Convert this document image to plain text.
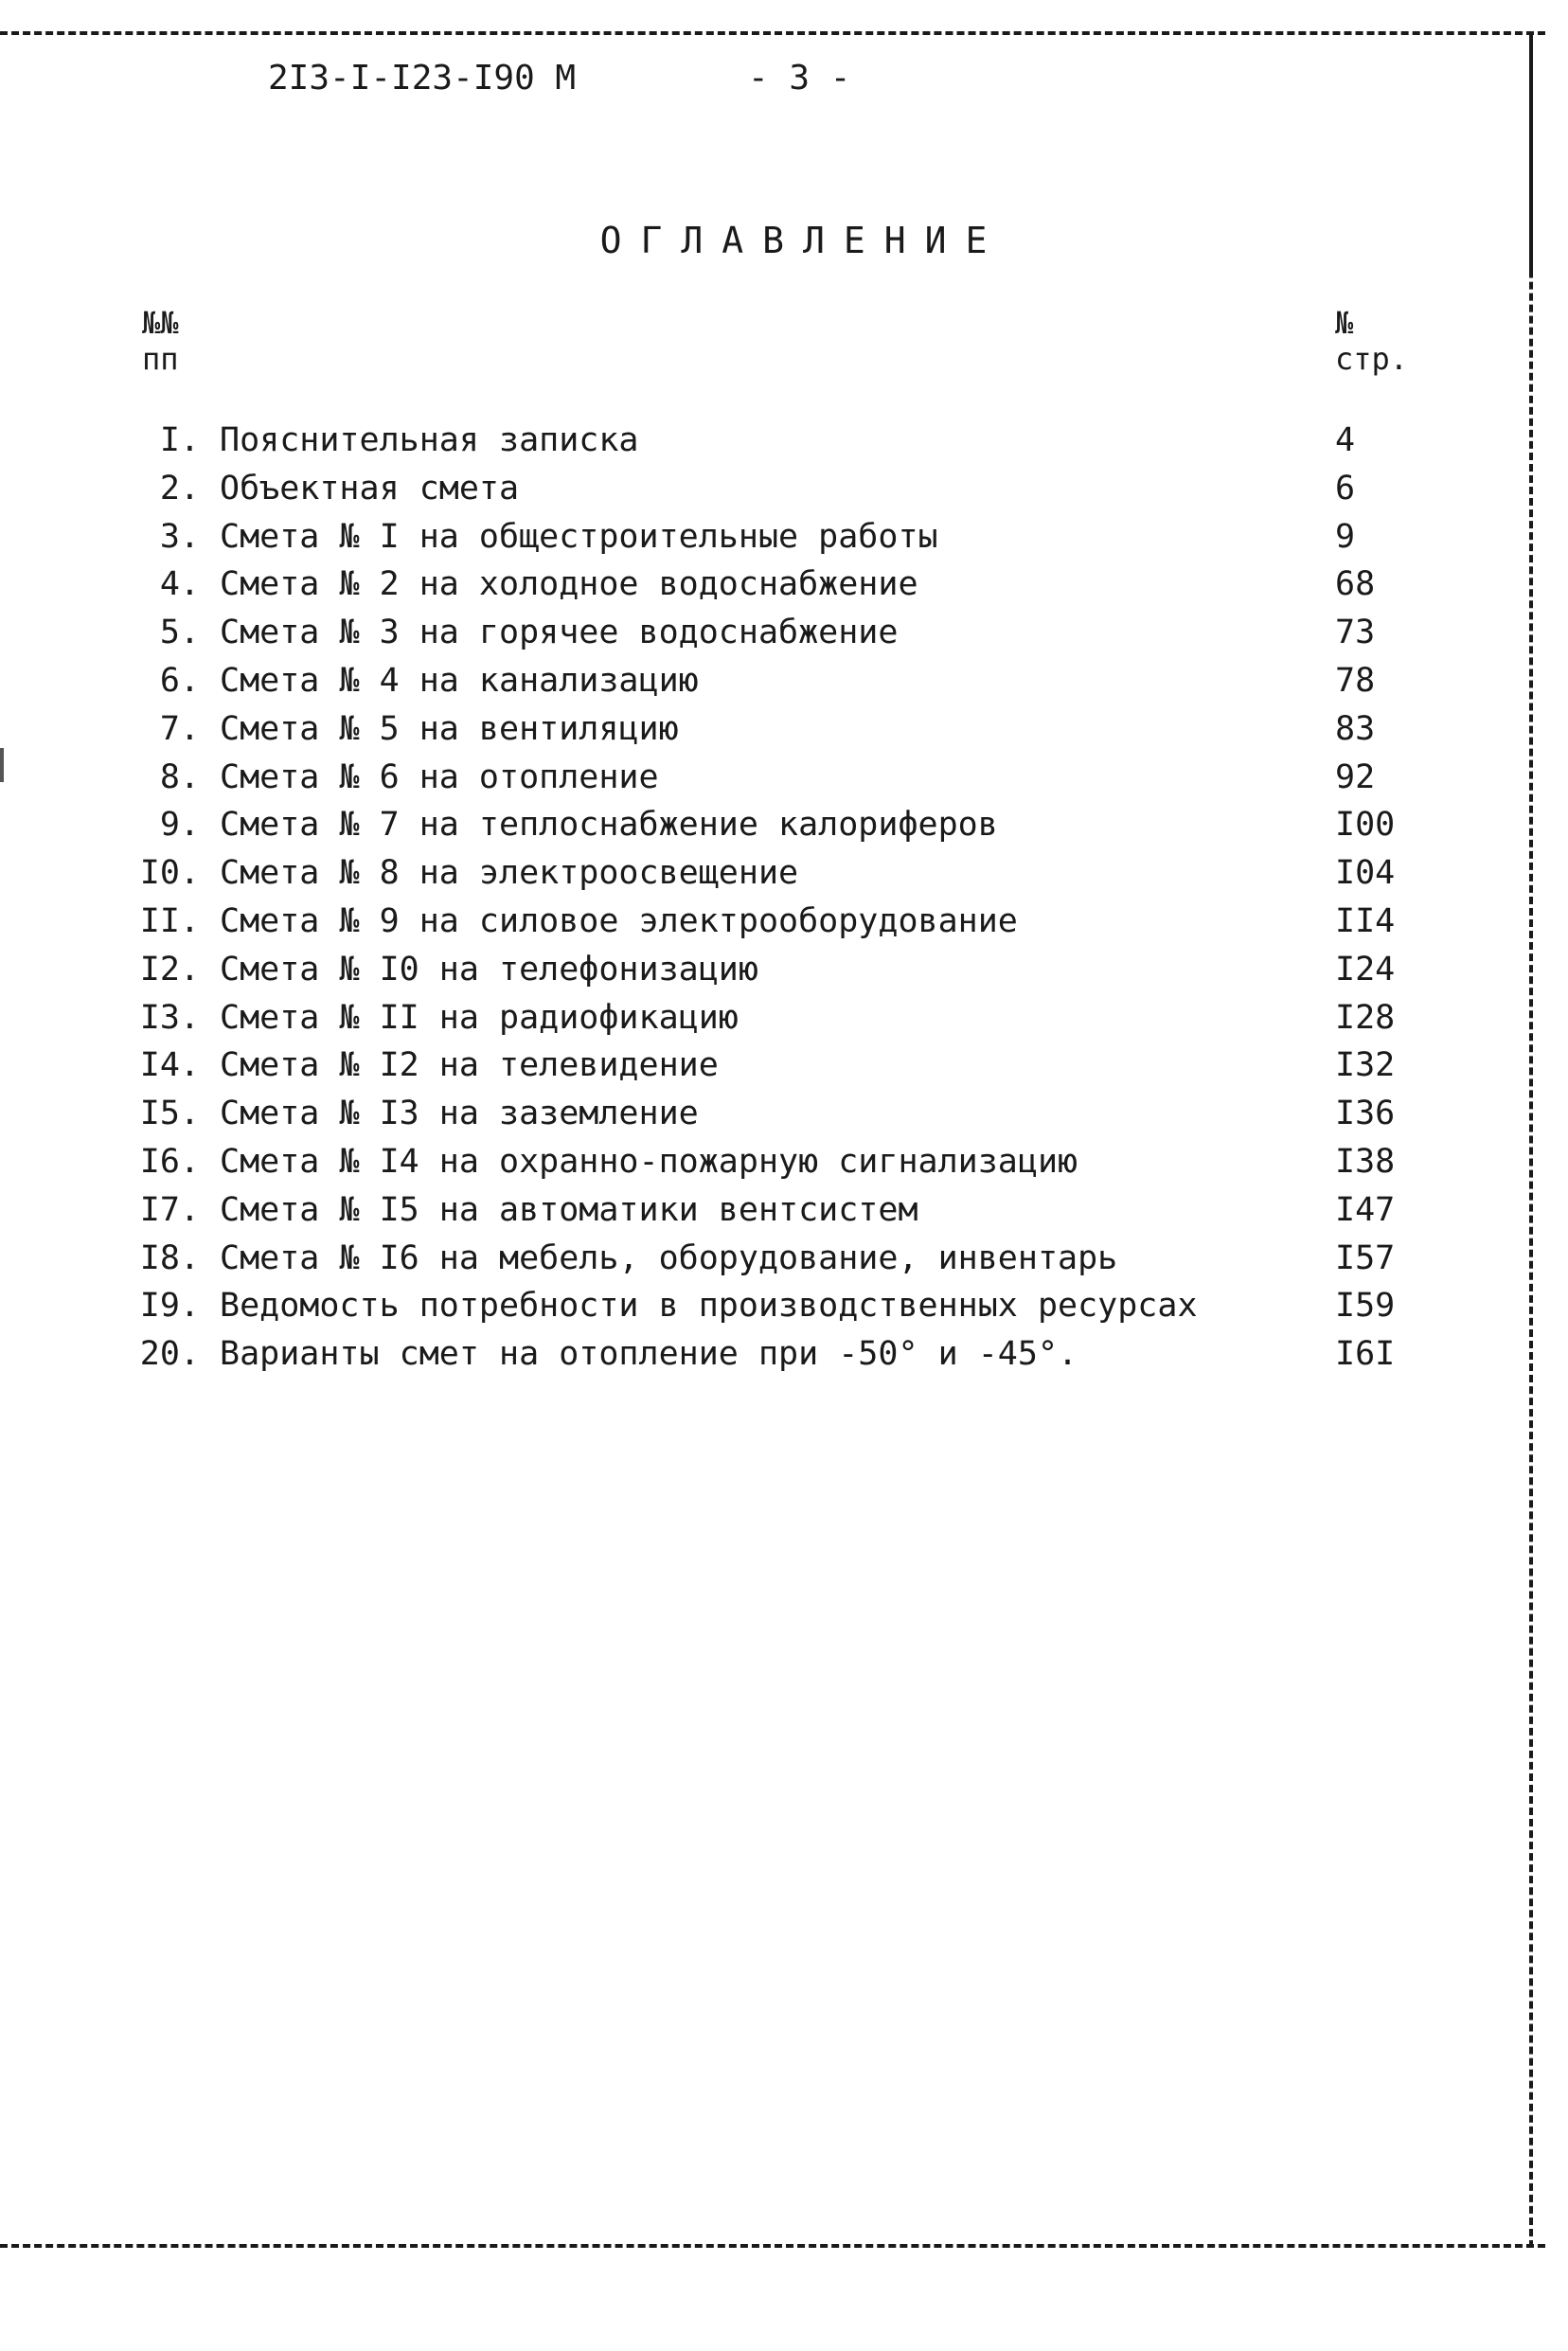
2I3-I-I23-I90 М	- 3 -
ОГЛАВЛЕНИЕ
№№
пп
№
стр.
I. Пояснительная записка	4
2. Объектная смета	6
3. Смета № I на общестроительные работы	9
4. Смета № 2 на холодное водоснабжение	68
5. Смета № 3 на горячее водоснабжение	73
6. Смета № 4 на канализацию	78
7. Смета № 5 на вентиляцию	83
8. Смета № 6 на отопление	92
9. Смета № 7 на теплоснабжение калориферов	I00
I0. Смета № 8 на электроосвещение	I04
II. Смета № 9 на силовое электрооборудование	II4
I2. Смета № I0 на телефонизацию	I24
I3. Смета № II на радиофикацию	I28
I4. Смета № I2 на телевидение	I32
I5. Смета № I3 на заземление	I36
I6. Смета № I4 на охранно-пожарную сигнализацию	I38
I7. Смета № I5 на автоматики вентсистем	I47
I8. Смета № I6 на мебель, оборудование, инвентарь	I57
I9. Ведомость потребности в производственных ресурсах	I59
20. Варианты смет на отопление при -50° и -45°.	I6I
